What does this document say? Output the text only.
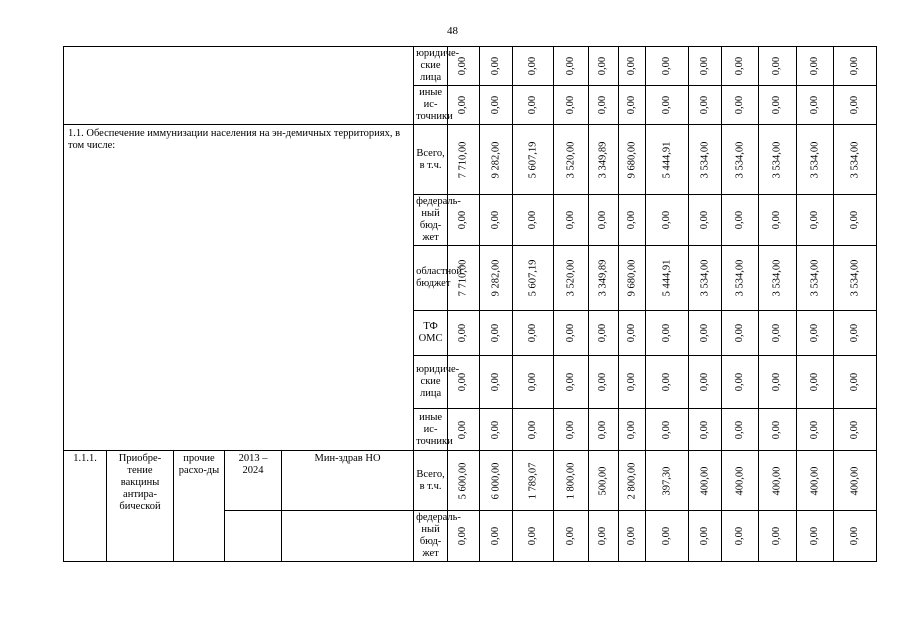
48
					юридиче-ские лица	0,00	0,00	0,00	0,00	0,00	0,00	0,00	0,00	0,00	0,00	0,00	0,00

					иные ис-точники	0,00	0,00	0,00	0,00	0,00	0,00	0,00	0,00	0,00	0,00	0,00	0,00

1.1. Обеспечение иммунизации населения на эн-демичных территориях, в том числе:					Всего, в т.ч.	7 710,00	9 282,00	5 607,19	3 520,00	3 349,89	9 680,00	5 444,91	3 534,00	3 534,00	3 534,00	3 534,00	3 534,00

					федераль-ный бюд-жет	0,00	0,00	0,00	0,00	0,00	0,00	0,00	0,00	0,00	0,00	0,00	0,00

					областной бюджет	7 710,00	9 282,00	5 607,19	3 520,00	3 349,89	9 680,00	5 444,91	3 534,00	3 534,00	3 534,00	3 534,00	3 534,00

					ТФ ОМС	0,00	0,00	0,00	0,00	0,00	0,00	0,00	0,00	0,00	0,00	0,00	0,00

					юридиче-ские лица	0,00	0,00	0,00	0,00	0,00	0,00	0,00	0,00	0,00	0,00	0,00	0,00

					иные ис-точники	0,00	0,00	0,00	0,00	0,00	0,00	0,00	0,00	0,00	0,00	0,00	0,00

1.1.1.	Приобре-тение вакцины антира-бической	прочие расхо-ды	2013 – 2024	Мин-здрав НО	Всего, в т.ч.	5 600,00	6 000,00	1 789,07	1 800,00	500,00	2 800,00	397,30	400,00	400,00	400,00	400,00	400,00

					федераль-ный бюд-жет	0,00	0,00	0,00	0,00	0,00	0,00	0,00	0,00	0,00	0,00	0,00	0,00
